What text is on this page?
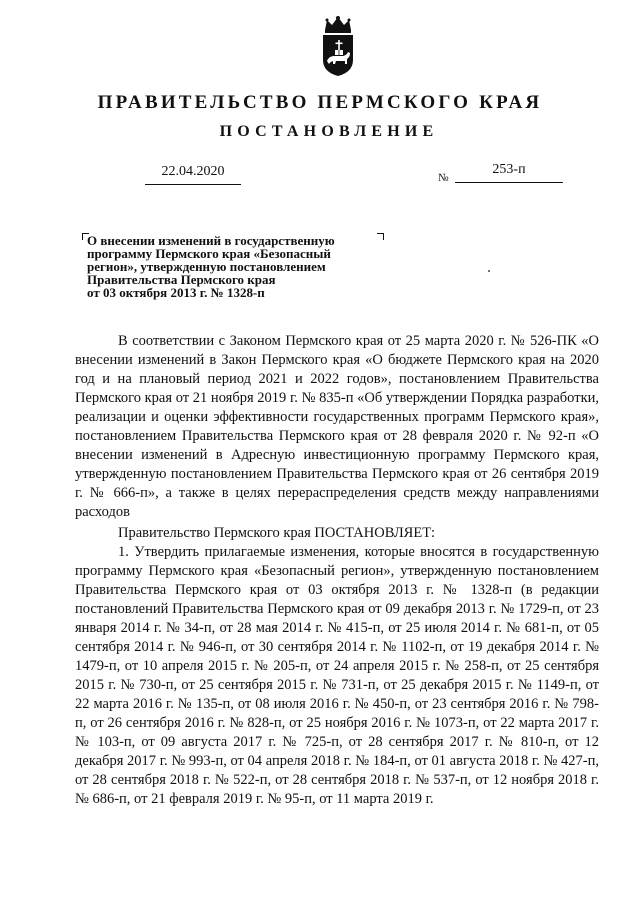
ПРАВИТЕЛЬСТВО ПЕРМСКОГО КРАЯ
ПОСТАНОВЛЕНИЕ
22.04.2020	№
253-п
О внесении изменений в государственную
программу Пермского края «Безопасный
регион», утвержденную постановлением
Правительства Пермского края
от 03 октября 2013 г. № 1328-п

В соответствии с Законом Пермского края от 25 марта 2020 г. № 526-ПК «О внесении изменений в Закон Пермского края «О бюджете Пермского края на 2020 год и на плановый период 2021 и 2022 годов», постановлением Правительства Пермского края от 21 ноября 2019 г. № 835-п «Об утверждении Порядка разработки, реализации и оценки эффективности государственных программ Пермского края», постановлением Правительства Пермского края от 28 февраля 2020 г. № 92-п «О внесении изменений в Адресную инвестиционную программу Пермского края, утвержденную постановлением Правительства Пермского края от 26 сентября 2019 г. № 666-п», а также в целях перераспределения средств между направлениями расходов

Правительство Пермского края ПОСТАНОВЛЯЕТ:

1. Утвердить прилагаемые изменения, которые вносятся в государственную программу Пермского края «Безопасный регион», утвержденную постановлением Правительства Пермского края от 03 октября 2013 г. № 1328-п (в редакции постановлений Правительства Пермского края от 09 декабря 2013 г. № 1729-п, от 23 января 2014 г. № 34-п, от 28 мая 2014 г. № 415-п, от 25 июля 2014 г. № 681-п, от 05 сентября 2014 г. № 946-п, от 30 сентября 2014 г. № 1102-п, от 19 декабря 2014 г. № 1479-п, от 10 апреля 2015 г. № 205-п, от 24 апреля 2015 г. № 258-п, от 25 сентября 2015 г. № 730-п, от 25 сентября 2015 г. № 731-п, от 25 декабря 2015 г. № 1149-п, от 22 марта 2016 г. № 135-п, от 08 июля 2016 г. № 450-п, от 23 сентября 2016 г. № 798-п, от 26 сентября 2016 г. № 828-п, от 25 ноября 2016 г. № 1073-п, от 22 марта 2017 г. № 103-п, от 09 августа 2017 г. № 725-п, от 28 сентября 2017 г. № 810-п, от 12 декабря 2017 г. № 993-п, от 04 апреля 2018 г. № 184-п, от 01 августа 2018 г. № 427-п, от 28 сентября 2018 г. № 522-п, от 28 сентября 2018 г. № 537-п, от 12 ноября 2018 г. № 686-п, от 21 февраля 2019 г. № 95-п, от 11 марта 2019 г.
